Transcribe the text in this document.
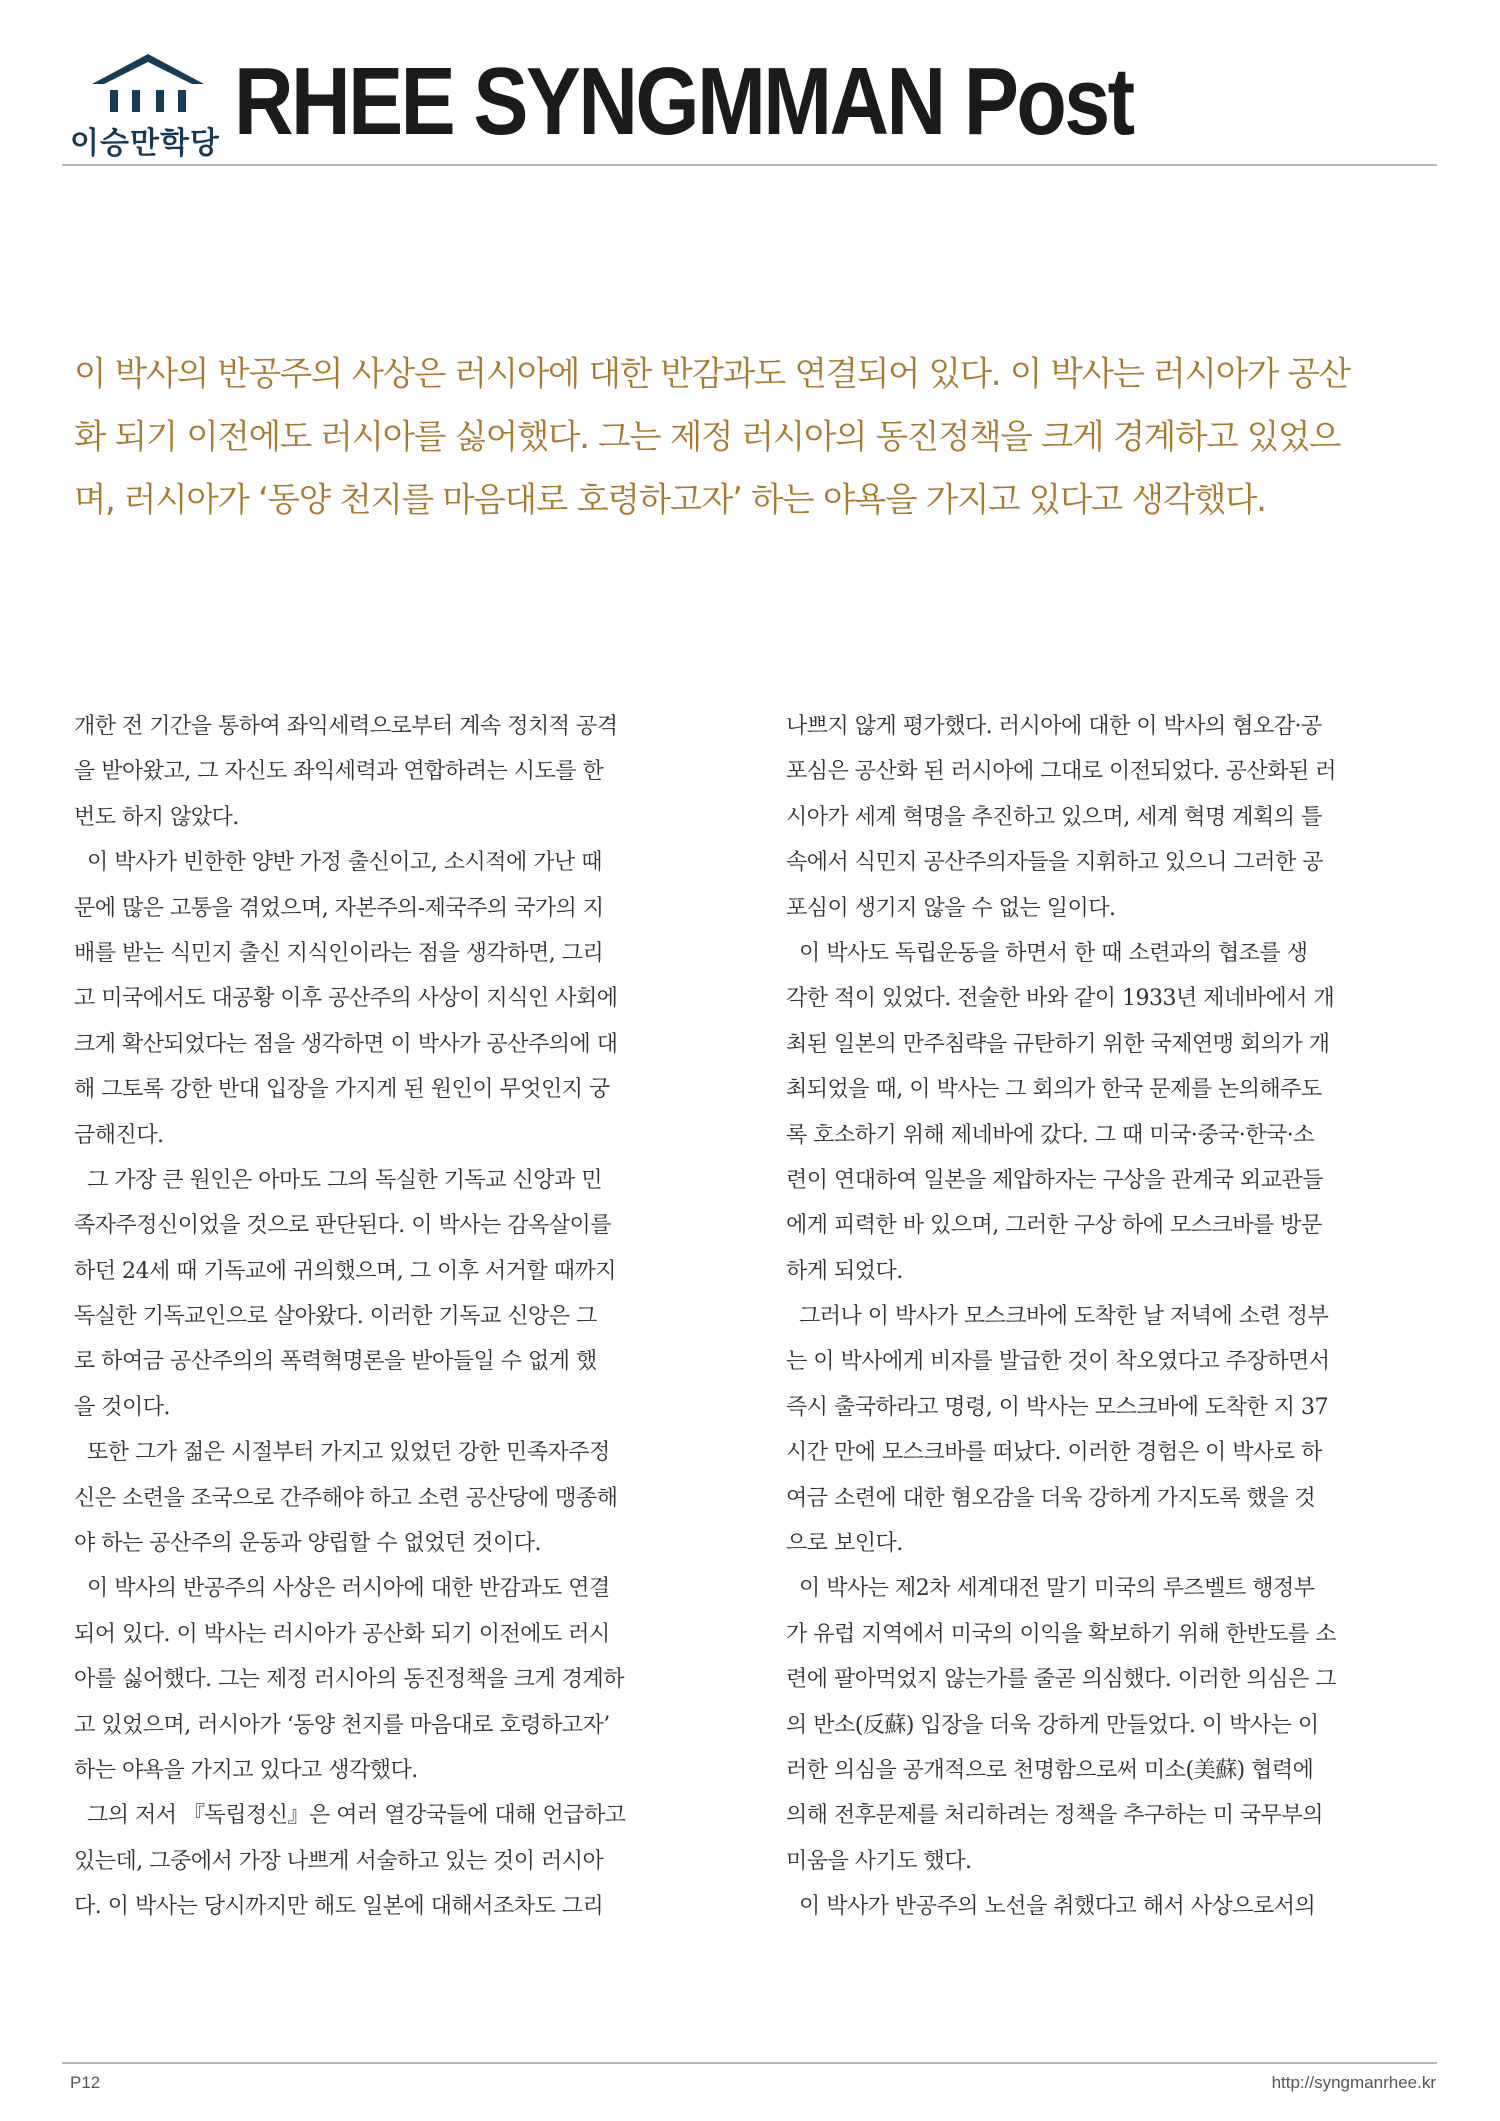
이승만학당 RHEE SYNGMMAN Post
이 박사의 반공주의 사상은 러시아에 대한 반감과도 연결되어 있다. 이 박사는 러시아가 공산
화 되기 이전에도 러시아를 싫어했다. 그는 제정 러시아의 동진정책을 크게 경계하고 있었으
며, 러시아가 ‘동양 천지를 마음대로 호령하고자’ 하는 야욕을 가지고 있다고 생각했다.
개한 전 기간을 통하여 좌익세력으로부터 계속 정치적 공격
을 받아왔고, 그 자신도 좌익세력과 연합하려는 시도를 한
번도 하지 않았다.
이 박사가 빈한한 양반 가정 출신이고, 소시적에 가난 때
문에 많은 고통을 겪었으며, 자본주의-제국주의 국가의 지
배를 받는 식민지 출신 지식인이라는 점을 생각하면, 그리
고 미국에서도 대공황 이후 공산주의 사상이 지식인 사회에
크게 확산되었다는 점을 생각하면 이 박사가 공산주의에 대
해 그토록 강한 반대 입장을 가지게 된 원인이 무엇인지 궁
금해진다.
그 가장 큰 원인은 아마도 그의 독실한 기독교 신앙과 민
족자주정신이었을 것으로 판단된다. 이 박사는 감옥살이를
하던 24세 때 기독교에 귀의했으며, 그 이후 서거할 때까지
독실한 기독교인으로 살아왔다. 이러한 기독교 신앙은 그
로 하여금 공산주의의 폭력혁명론을 받아들일 수 없게 했
을 것이다.
또한 그가 젊은 시절부터 가지고 있었던 강한 민족자주정
신은 소련을 조국으로 간주해야 하고 소련 공산당에 맹종해
야 하는 공산주의 운동과 양립할 수 없었던 것이다.
이 박사의 반공주의 사상은 러시아에 대한 반감과도 연결
되어 있다. 이 박사는 러시아가 공산화 되기 이전에도 러시
아를 싫어했다. 그는 제정 러시아의 동진정책을 크게 경계하
고 있었으며, 러시아가 ‘동양 천지를 마음대로 호령하고자’
하는 야욕을 가지고 있다고 생각했다.
그의 저서 『독립정신』은 여러 열강국들에 대해 언급하고
있는데, 그중에서 가장 나쁘게 서술하고 있는 것이 러시아
다. 이 박사는 당시까지만 해도 일본에 대해서조차도 그리
나쁘지 않게 평가했다. 러시아에 대한 이 박사의 혐오감·공
포심은 공산화 된 러시아에 그대로 이전되었다. 공산화된 러
시아가 세계 혁명을 추진하고 있으며, 세계 혁명 계획의 틀
속에서 식민지 공산주의자들을 지휘하고 있으니 그러한 공
포심이 생기지 않을 수 없는 일이다.
이 박사도 독립운동을 하면서 한 때 소련과의 협조를 생
각한 적이 있었다. 전술한 바와 같이 1933년 제네바에서 개
최된 일본의 만주침략을 규탄하기 위한 국제연맹 회의가 개
최되었을 때, 이 박사는 그 회의가 한국 문제를 논의해주도
록 호소하기 위해 제네바에 갔다. 그 때 미국·중국·한국·소
련이 연대하여 일본을 제압하자는 구상을 관계국 외교관들
에게 피력한 바 있으며, 그러한 구상 하에 모스크바를 방문
하게 되었다.
그러나 이 박사가 모스크바에 도착한 날 저녁에 소련 정부
는 이 박사에게 비자를 발급한 것이 착오였다고 주장하면서
즉시 출국하라고 명령, 이 박사는 모스크바에 도착한 지 37
시간 만에 모스크바를 떠났다. 이러한 경험은 이 박사로 하
여금 소련에 대한 혐오감을 더욱 강하게 가지도록 했을 것
으로 보인다.
이 박사는 제2차 세계대전 말기 미국의 루즈벨트 행정부
가 유럽 지역에서 미국의 이익을 확보하기 위해 한반도를 소
련에 팔아먹었지 않는가를 줄곧 의심했다. 이러한 의심은 그
의 반소(反蘇) 입장을 더욱 강하게 만들었다. 이 박사는 이
러한 의심을 공개적으로 천명함으로써 미소(美蘇) 협력에
의해 전후문제를 처리하려는 정책을 추구하는 미 국무부의
미움을 사기도 했다.
이 박사가 반공주의 노선을 취했다고 해서 사상으로서의
P12	http://syngmanrhee.kr
